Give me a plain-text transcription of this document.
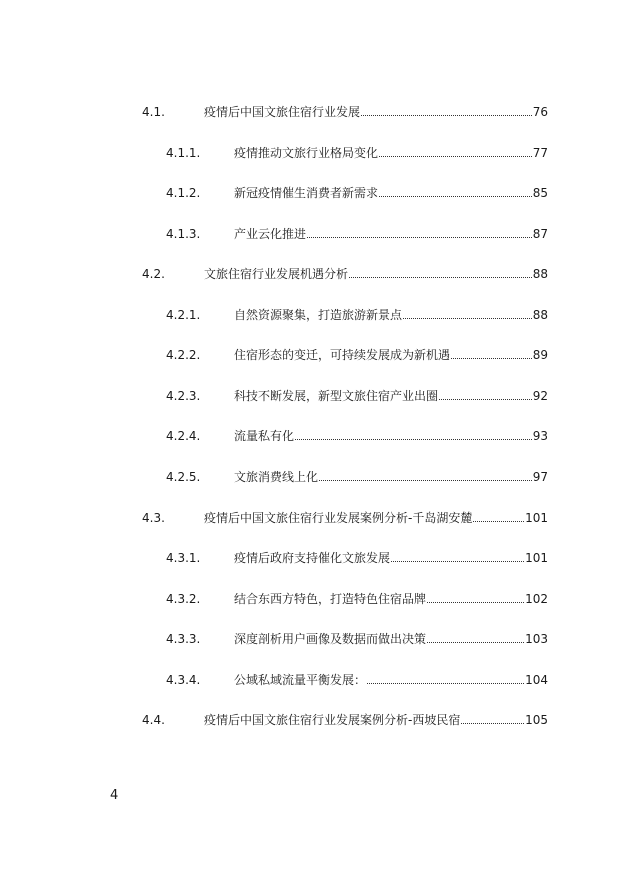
4.1.	疫情后中国文旅住宿行业发展	76
4.1.1.	疫情推动文旅行业格局变化	77
4.1.2.	新冠疫情催生消费者新需求	85
4.1.3.	产业云化推进	87
4.2.	文旅住宿行业发展机遇分析	88
4.2.1.	自然资源聚集，打造旅游新景点	88
4.2.2.	住宿形态的变迁，可持续发展成为新机遇	89
4.2.3.	科技不断发展，新型文旅住宿产业出圈	92
4.2.4.	流量私有化	93
4.2.5.	文旅消费线上化	97
4.3.	疫情后中国文旅住宿行业发展案例分析-千岛湖安麓	101
4.3.1.	疫情后政府支持催化文旅发展	101
4.3.2.	结合东西方特色，打造特色住宿品牌	102
4.3.3.	深度剖析用户画像及数据而做出决策	103
4.3.4.	公域私域流量平衡发展：	104
4.4.	疫情后中国文旅住宿行业发展案例分析-西坡民宿	105
4
